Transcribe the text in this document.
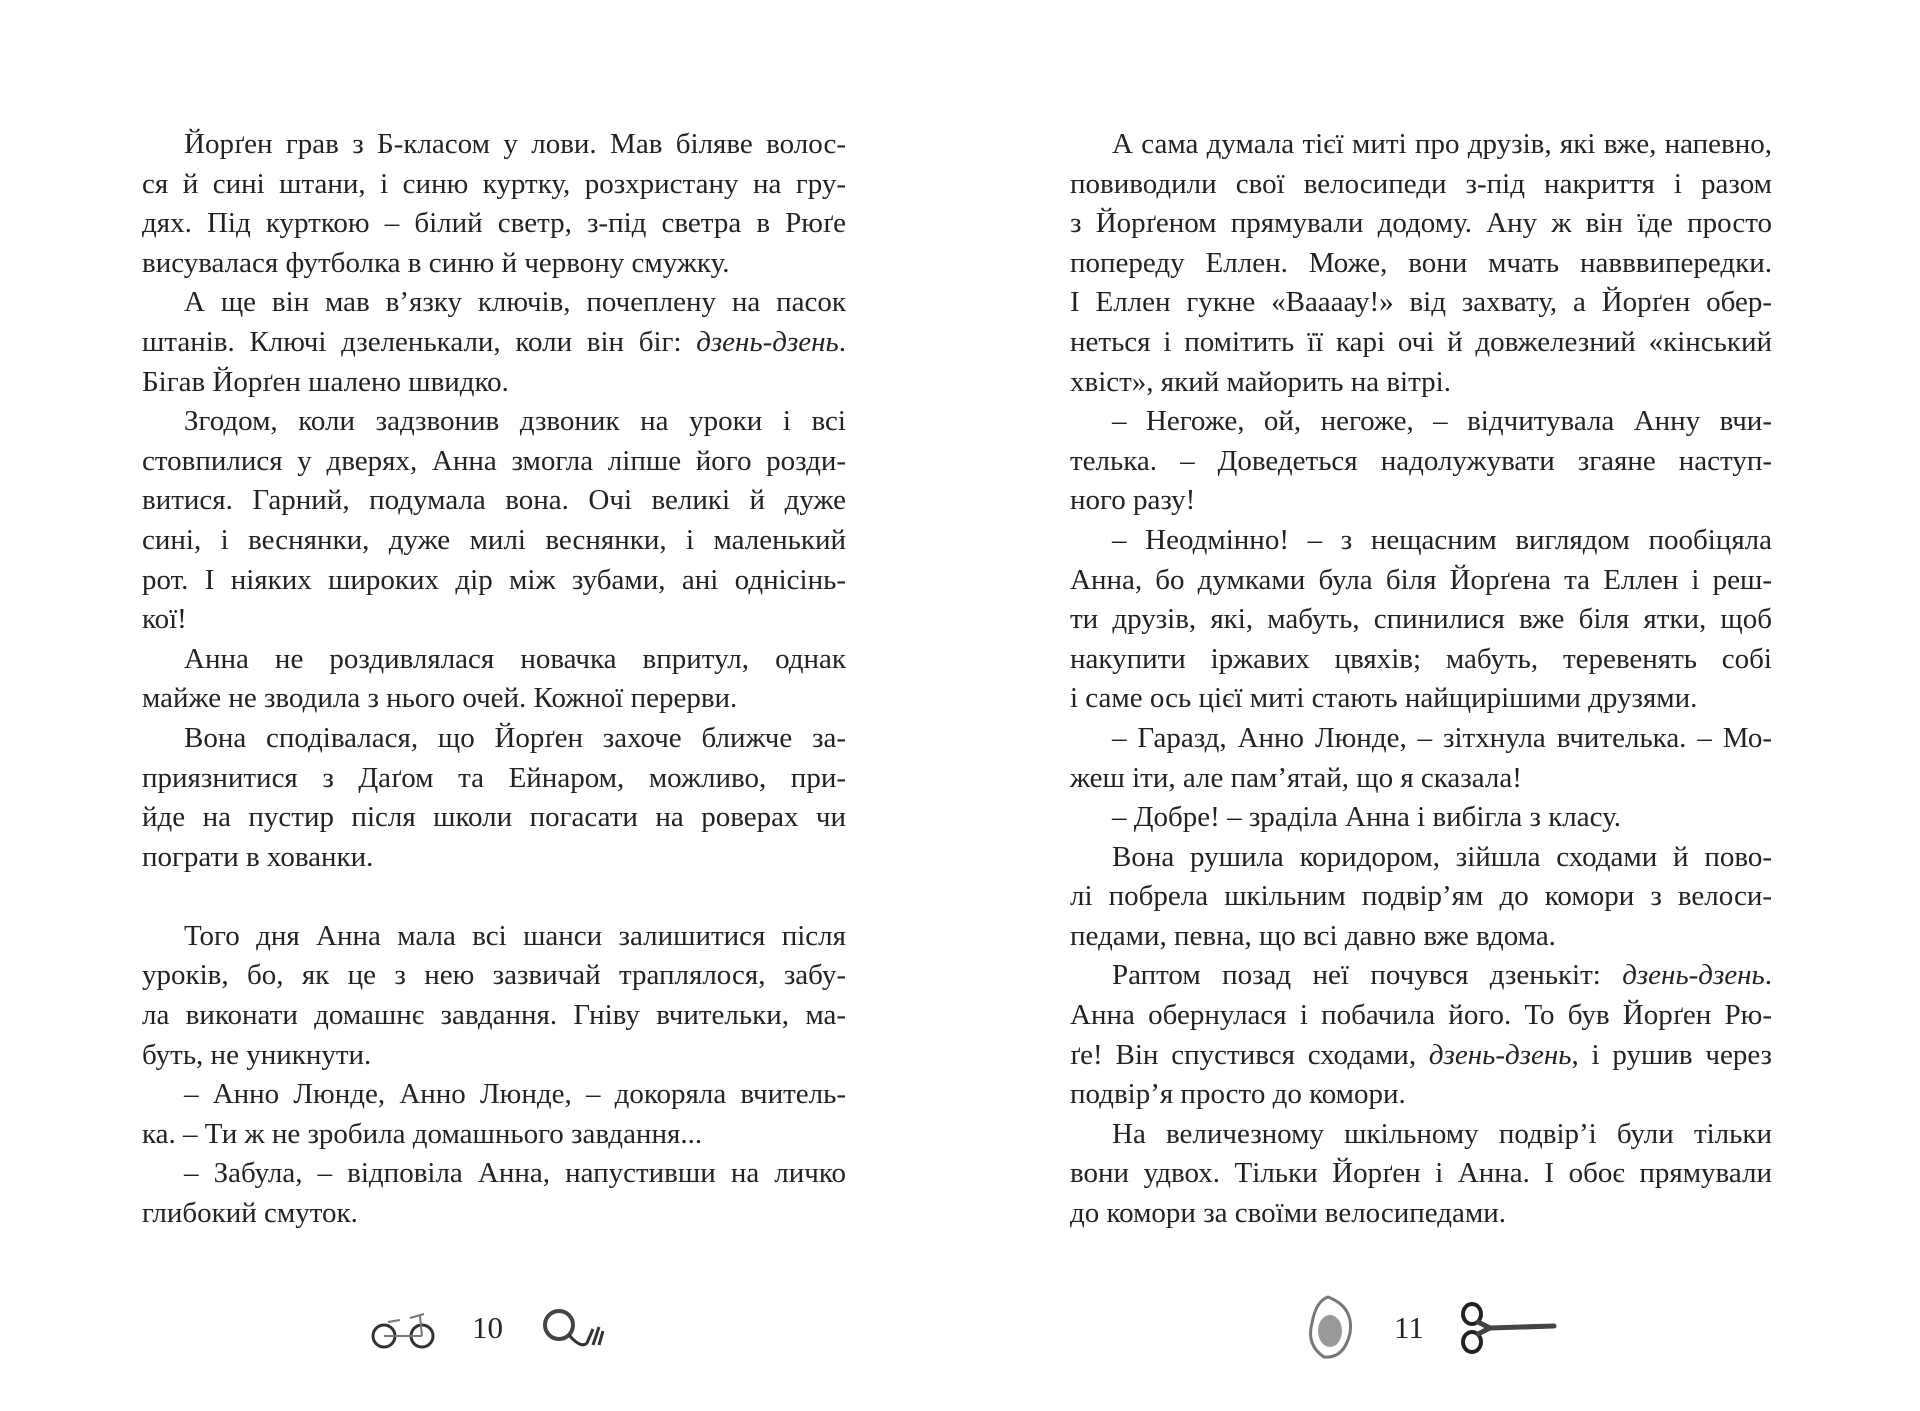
Йорґен грав з Б-класом у лови. Мав біляве волос-
ся й сині штани, і синю куртку, розхристану на гру-
дях. Під курткою – білий светр, з-під светра в Рюґе
висувалася футболка в синю й червону смужку.
А ще він мав в’язку ключів, почеплену на пасок
штанів. Ключі дзеленькали, коли він біг: дзень-дзень.
Бігав Йорґен шалено швидко.
Згодом, коли задзвонив дзвоник на уроки і всі
стовпилися у дверях, Анна змогла ліпше його розди-
витися. Гарний, подумала вона. Очі великі й дуже
сині, і веснянки, дуже милі веснянки, і маленький
рот. І ніяких широких дір між зубами, ані однісінь-
кої!
Анна не роздивлялася новачка впритул, однак
майже не зводила з нього очей. Кожної перерви.
Вона сподівалася, що Йорґен захоче ближче за-
приязнитися з Даґом та Ейнаром, можливо, при-
йде на пустир після школи погасати на роверах чи
пограти в хованки.
Того дня Анна мала всі шанси залишитися після
уроків, бо, як це з нею зазвичай траплялося, забу-
ла виконати домашнє завдання. Гніву вчительки, ма-
буть, не уникнути.
– Анно Люнде, Анно Люнде, – докоряла вчитель-
ка. – Ти ж не зробила домашнього завдання...
– Забула, – відповіла Анна, напустивши на личко
глибокий смуток.
А сама думала тієї миті про друзів, які вже, напевно,
повиводили свої велосипеди з-під накриття і разом
з Йорґеном прямували додому. Ану ж він їде просто
попереду Еллен. Може, вони мчать навввипередки.
І Еллен гукне «Ваааау!» від захвату, а Йорґен обер-
неться і помітить її карі очі й довжелезний «кінський
хвіст», який майорить на вітрі.
– Негоже, ой, негоже, – відчитувала Анну вчи-
телька. – Доведеться надолужувати згаяне наступ-
ного разу!
– Неодмінно! – з нещасним виглядом пообіцяла
Анна, бо думками була біля Йорґена та Еллен і реш-
ти друзів, які, мабуть, спинилися вже біля ятки, щоб
накупити іржавих цвяхів; мабуть, теревенять собі
і саме ось цієї миті стають найщирішими друзями.
– Гаразд, Анно Люнде, – зітхнула вчителька. – Мо-
жеш іти, але пам’ятай, що я сказала!
– Добре! – зраділа Анна і вибігла з класу.
Вона рушила коридором, зійшла сходами й пово-
лі побрела шкільним подвір’ям до комори з велоси-
педами, певна, що всі давно вже вдома.
Раптом позад неї почувся дзенькіт: дзень-дзень.
Анна обернулася і побачила його. То був Йорґен Рю-
ґе! Він спустився сходами, дзень-дзень, і рушив через
подвір’я просто до комори.
На величезному шкільному подвір’і були тільки
вони удвох. Тільки Йорґен і Анна. І обоє прямували
до комори за своїми велосипедами.
10	11
